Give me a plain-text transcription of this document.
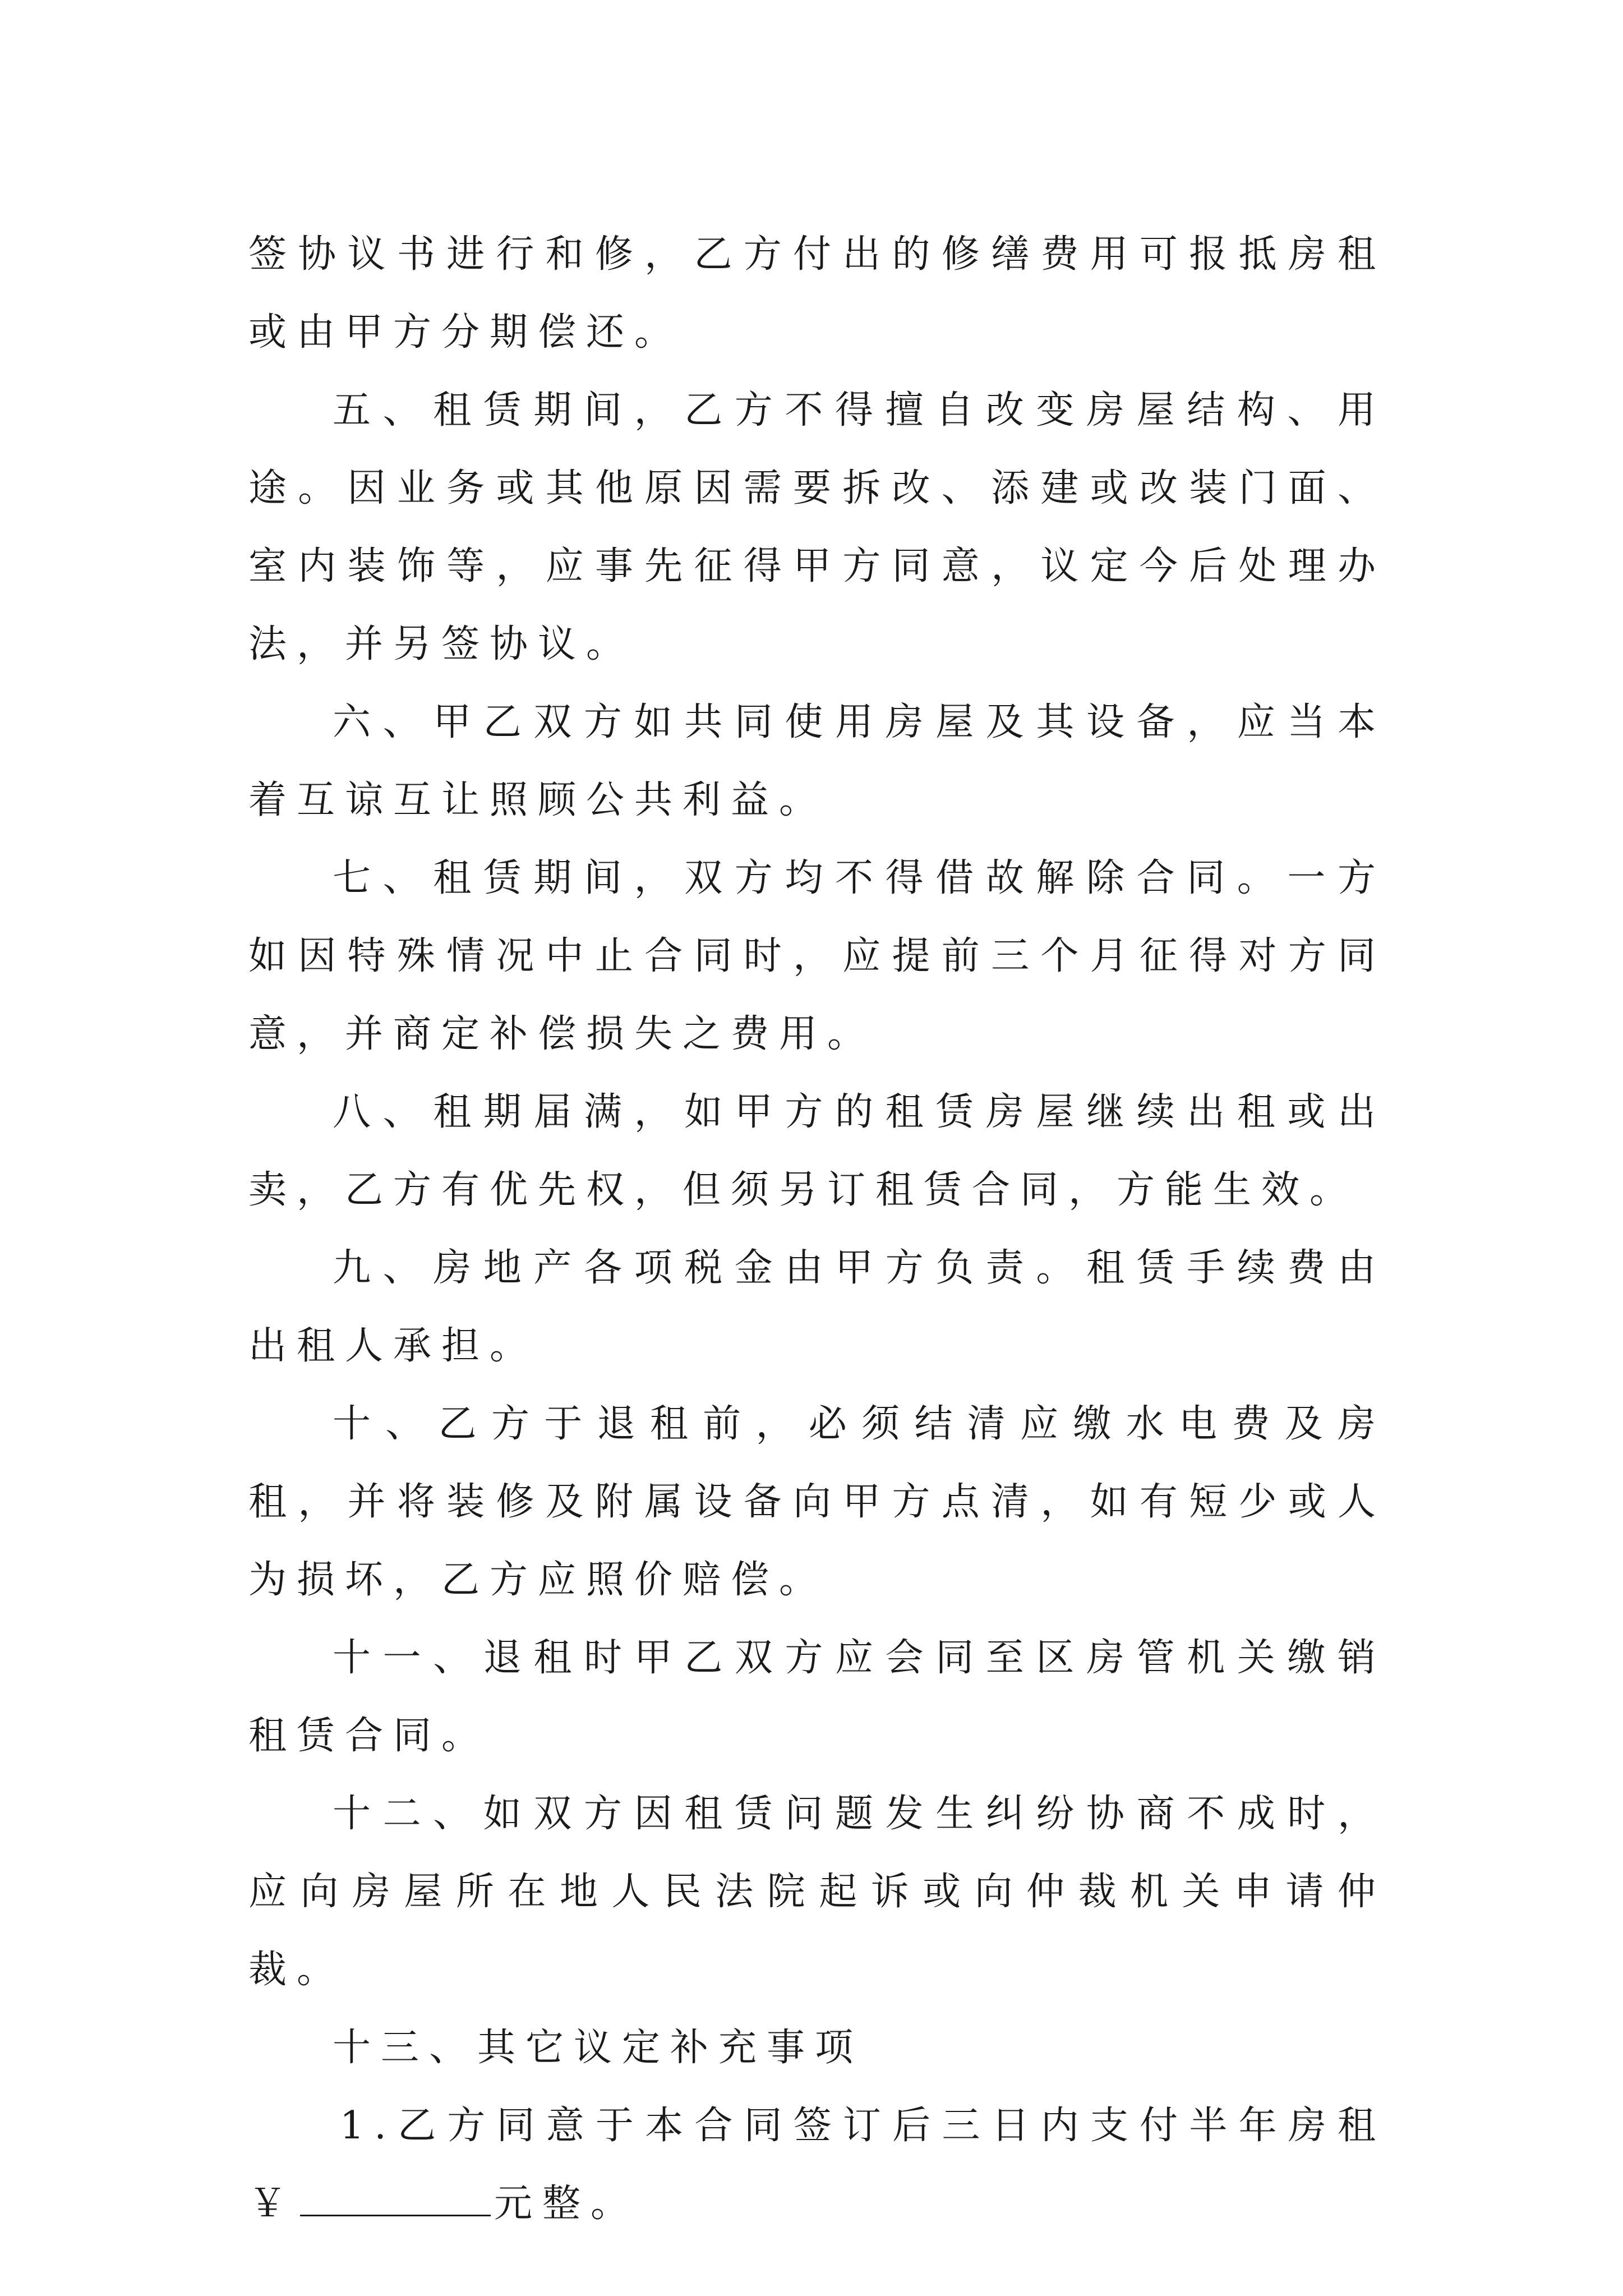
签协议书进行和修，乙方付出的修缮费用可报抵房租或由甲方分期偿还。

五、租赁期间，乙方不得擅自改变房屋结构、用途。因业务或其他原因需要拆改、添建或改装门面、室内装饰等，应事先征得甲方同意，议定今后处理办法，并另签协议。

六、甲乙双方如共同使用房屋及其设备，应当本着互谅互让照顾公共利益。

七、租赁期间，双方均不得借故解除合同。一方如因特殊情况中止合同时，应提前三个月征得对方同意，并商定补偿损失之费用。

八、租期届满，如甲方的租赁房屋继续出租或出卖，乙方有优先权，但须另订租赁合同，方能生效。

九、房地产各项税金由甲方负责。租赁手续费由出租人承担。

十、乙方于退租前，必须结清应缴水电费及房租，并将装修及附属设备向甲方点清，如有短少或人为损坏，乙方应照价赔偿。

十一、退租时甲乙双方应会同至区房管机关缴销租赁合同。

十二、如双方因租赁问题发生纠纷协商不成时，应向房屋所在地人民法院起诉或向仲裁机关申请仲裁。

十三、其它议定补充事项

1.乙方同意于本合同签订后三日内支付半年房租￥	元整。
